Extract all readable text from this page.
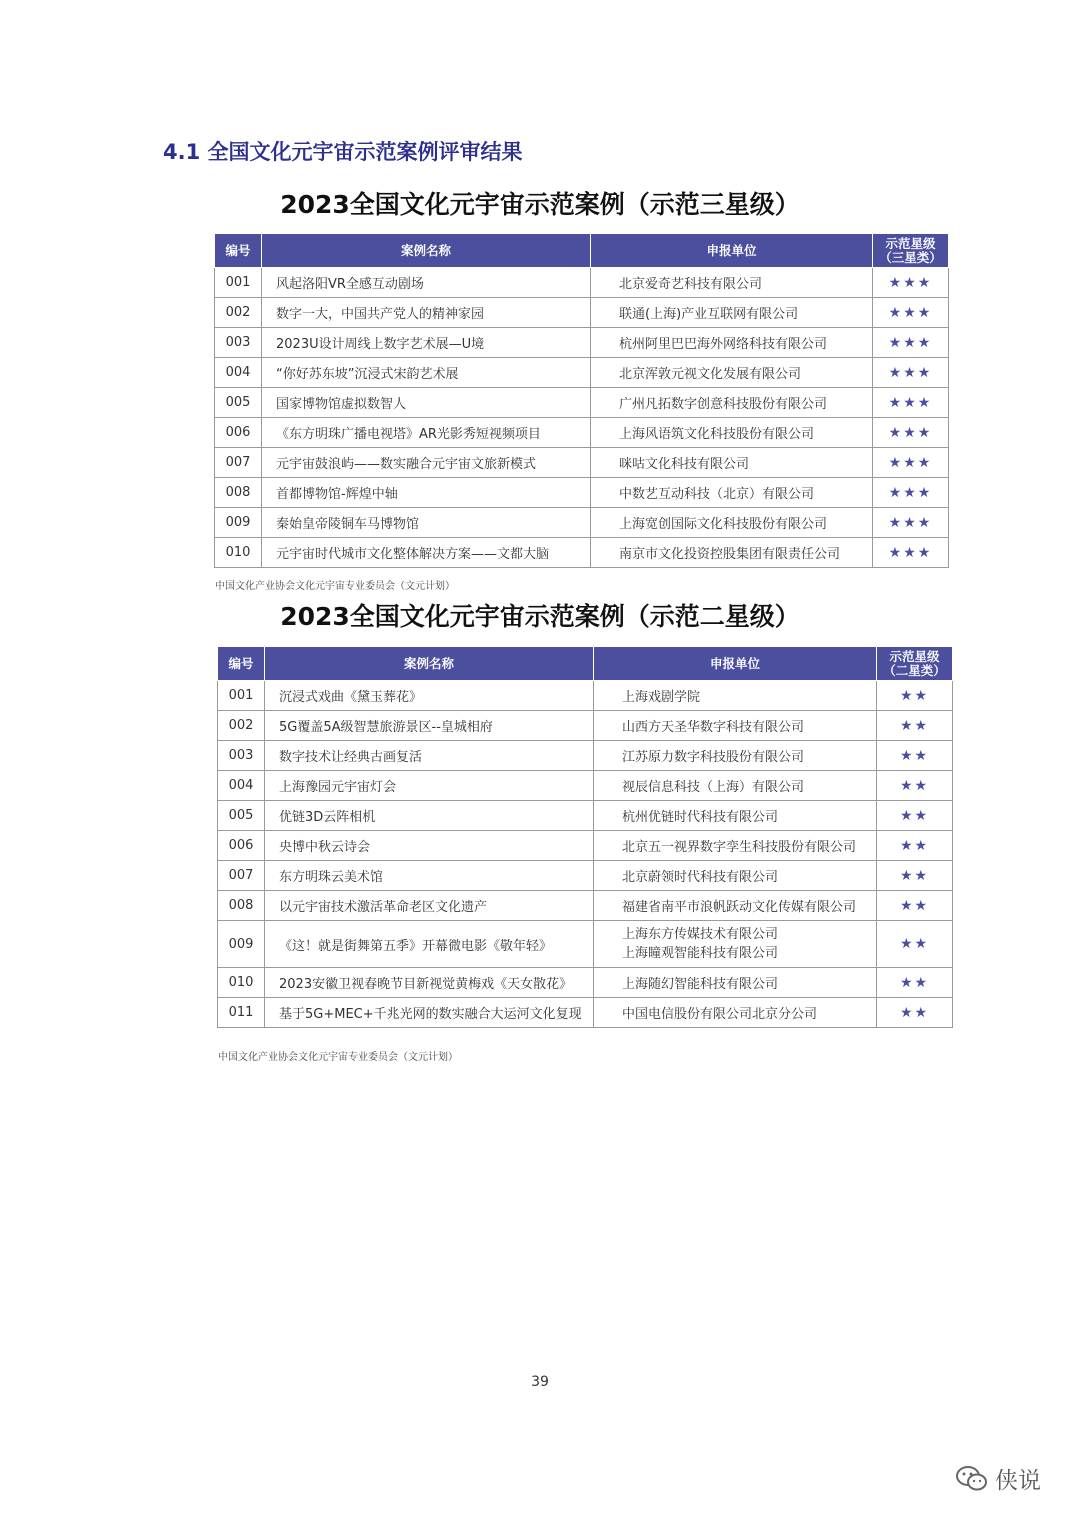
4.1 全国文化元宇宙示范案例评审结果
2023全国文化元宇宙示范案例（示范三星级）
编号	案例名称	申报单位	示范星级
（三星类）

001	风起洛阳VR全感互动剧场	北京爱奇艺科技有限公司	★★★
002	数字一大，中国共产党人的精神家园	联通(上海)产业互联网有限公司	★★★
003	2023U设计周线上数字艺术展—U境	杭州阿里巴巴海外网络科技有限公司	★★★
004	“你好苏东坡”沉浸式宋韵艺术展	北京浑敦元视文化发展有限公司	★★★
005	国家博物馆虚拟数智人	广州凡拓数字创意科技股份有限公司	★★★
006	《东方明珠广播电视塔》AR光影秀短视频项目	上海风语筑文化科技股份有限公司	★★★
007	元宇宙鼓浪屿——数实融合元宇宙文旅新模式	咪咕文化科技有限公司	★★★
008	首都博物馆-辉煌中轴	中数艺互动科技（北京）有限公司	★★★
009	秦始皇帝陵铜车马博物馆	上海宽创国际文化科技股份有限公司	★★★
010	元宇宙时代城市文化整体解决方案——文都大脑	南京市文化投资控股集团有限责任公司	★★★
中国文化产业协会文化元宇宙专业委员会（文元计划）
2023全国文化元宇宙示范案例（示范二星级）
编号	案例名称	申报单位	示范星级
（二星类）

001	沉浸式戏曲《黛玉葬花》	上海戏剧学院	★★
002	5G覆盖5A级智慧旅游景区--皇城相府	山西方天圣华数字科技有限公司	★★
003	数字技术让经典古画复活	江苏原力数字科技股份有限公司	★★
004	上海豫园元宇宙灯会	视辰信息科技（上海）有限公司	★★
005	优链3D云阵相机	杭州优链时代科技有限公司	★★
006	央博中秋云诗会	北京五一视界数字孪生科技股份有限公司	★★
007	东方明珠云美术馆	北京蔚领时代科技有限公司	★★
008	以元宇宙技术激活革命老区文化遗产	福建省南平市浪帆跃动文化传媒有限公司	★★
009	《这！就是街舞第五季》开幕微电影《敬年轻》	上海东方传媒技术有限公司
上海瞳观智能科技有限公司	★★
010	2023安徽卫视春晚节目新视觉黄梅戏《天女散花》	上海随幻智能科技有限公司	★★
011	基于5G+MEC+千兆光网的数实融合大运河文化复现	中国电信股份有限公司北京分公司	★★
中国文化产业协会文化元宇宙专业委员会（文元计划）
39
侠说
